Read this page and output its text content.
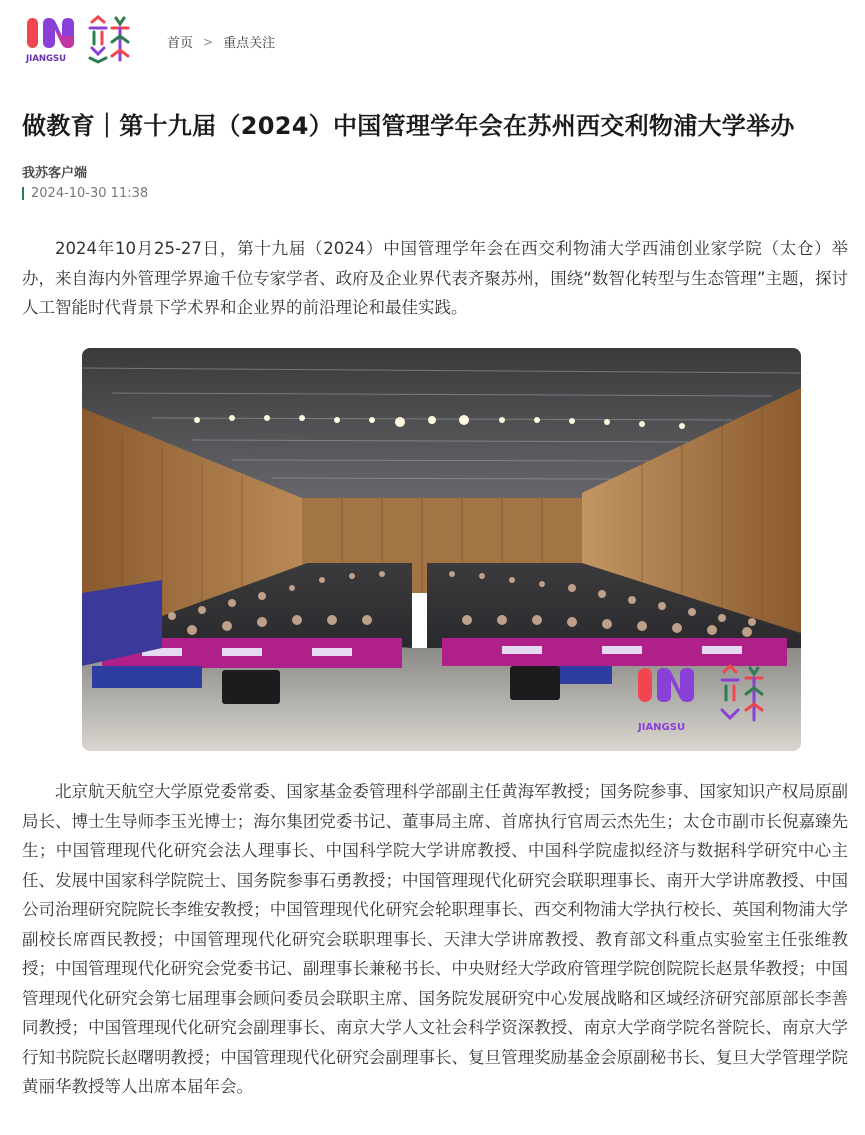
JIANGSU
首页 > 重点关注
做教育｜第十九届（2024）中国管理学年会在苏州西交利物浦大学举办
我苏客户端
2024-10-30 11:38

2024年10月25-27日，第十九届（2024）中国管理学年会在西交利物浦大学西浦创业家学院（太仓）举办，来自海内外管理学界逾千位专家学者、政府及企业界代表齐聚苏州，围绕“数智化转型与生态管理”主题，探讨人工智能时代背景下学术界和企业界的前沿理论和最佳实践。

JIANGSU

北京航天航空大学原党委常委、国家基金委管理科学部副主任黄海军教授；国务院参事、国家知识产权局原副局长、博士生导师李玉光博士；海尔集团党委书记、董事局主席、首席执行官周云杰先生；太仓市副市长倪嘉臻先生；中国管理现代化研究会法人理事长、中国科学院大学讲席教授、中国科学院虚拟经济与数据科学研究中心主任、发展中国家科学院院士、国务院参事石勇教授；中国管理现代化研究会联职理事长、南开大学讲席教授、中国公司治理研究院院长李维安教授；中国管理现代化研究会轮职理事长、西交利物浦大学执行校长、英国利物浦大学副校长席酉民教授；中国管理现代化研究会联职理事长、天津大学讲席教授、教育部文科重点实验室主任张维教授；中国管理现代化研究会党委书记、副理事长兼秘书长、中央财经大学政府管理学院创院院长赵景华教授；中国管理现代化研究会第七届理事会顾问委员会联职主席、国务院发展研究中心发展战略和区域经济研究部原部长李善同教授；中国管理现代化研究会副理事长、南京大学人文社会科学资深教授、南京大学商学院名誉院长、南京大学行知书院院长赵曙明教授；中国管理现代化研究会副理事长、复旦管理奖励基金会原副秘书长、复旦大学管理学院黄丽华教授等人出席本届年会。
